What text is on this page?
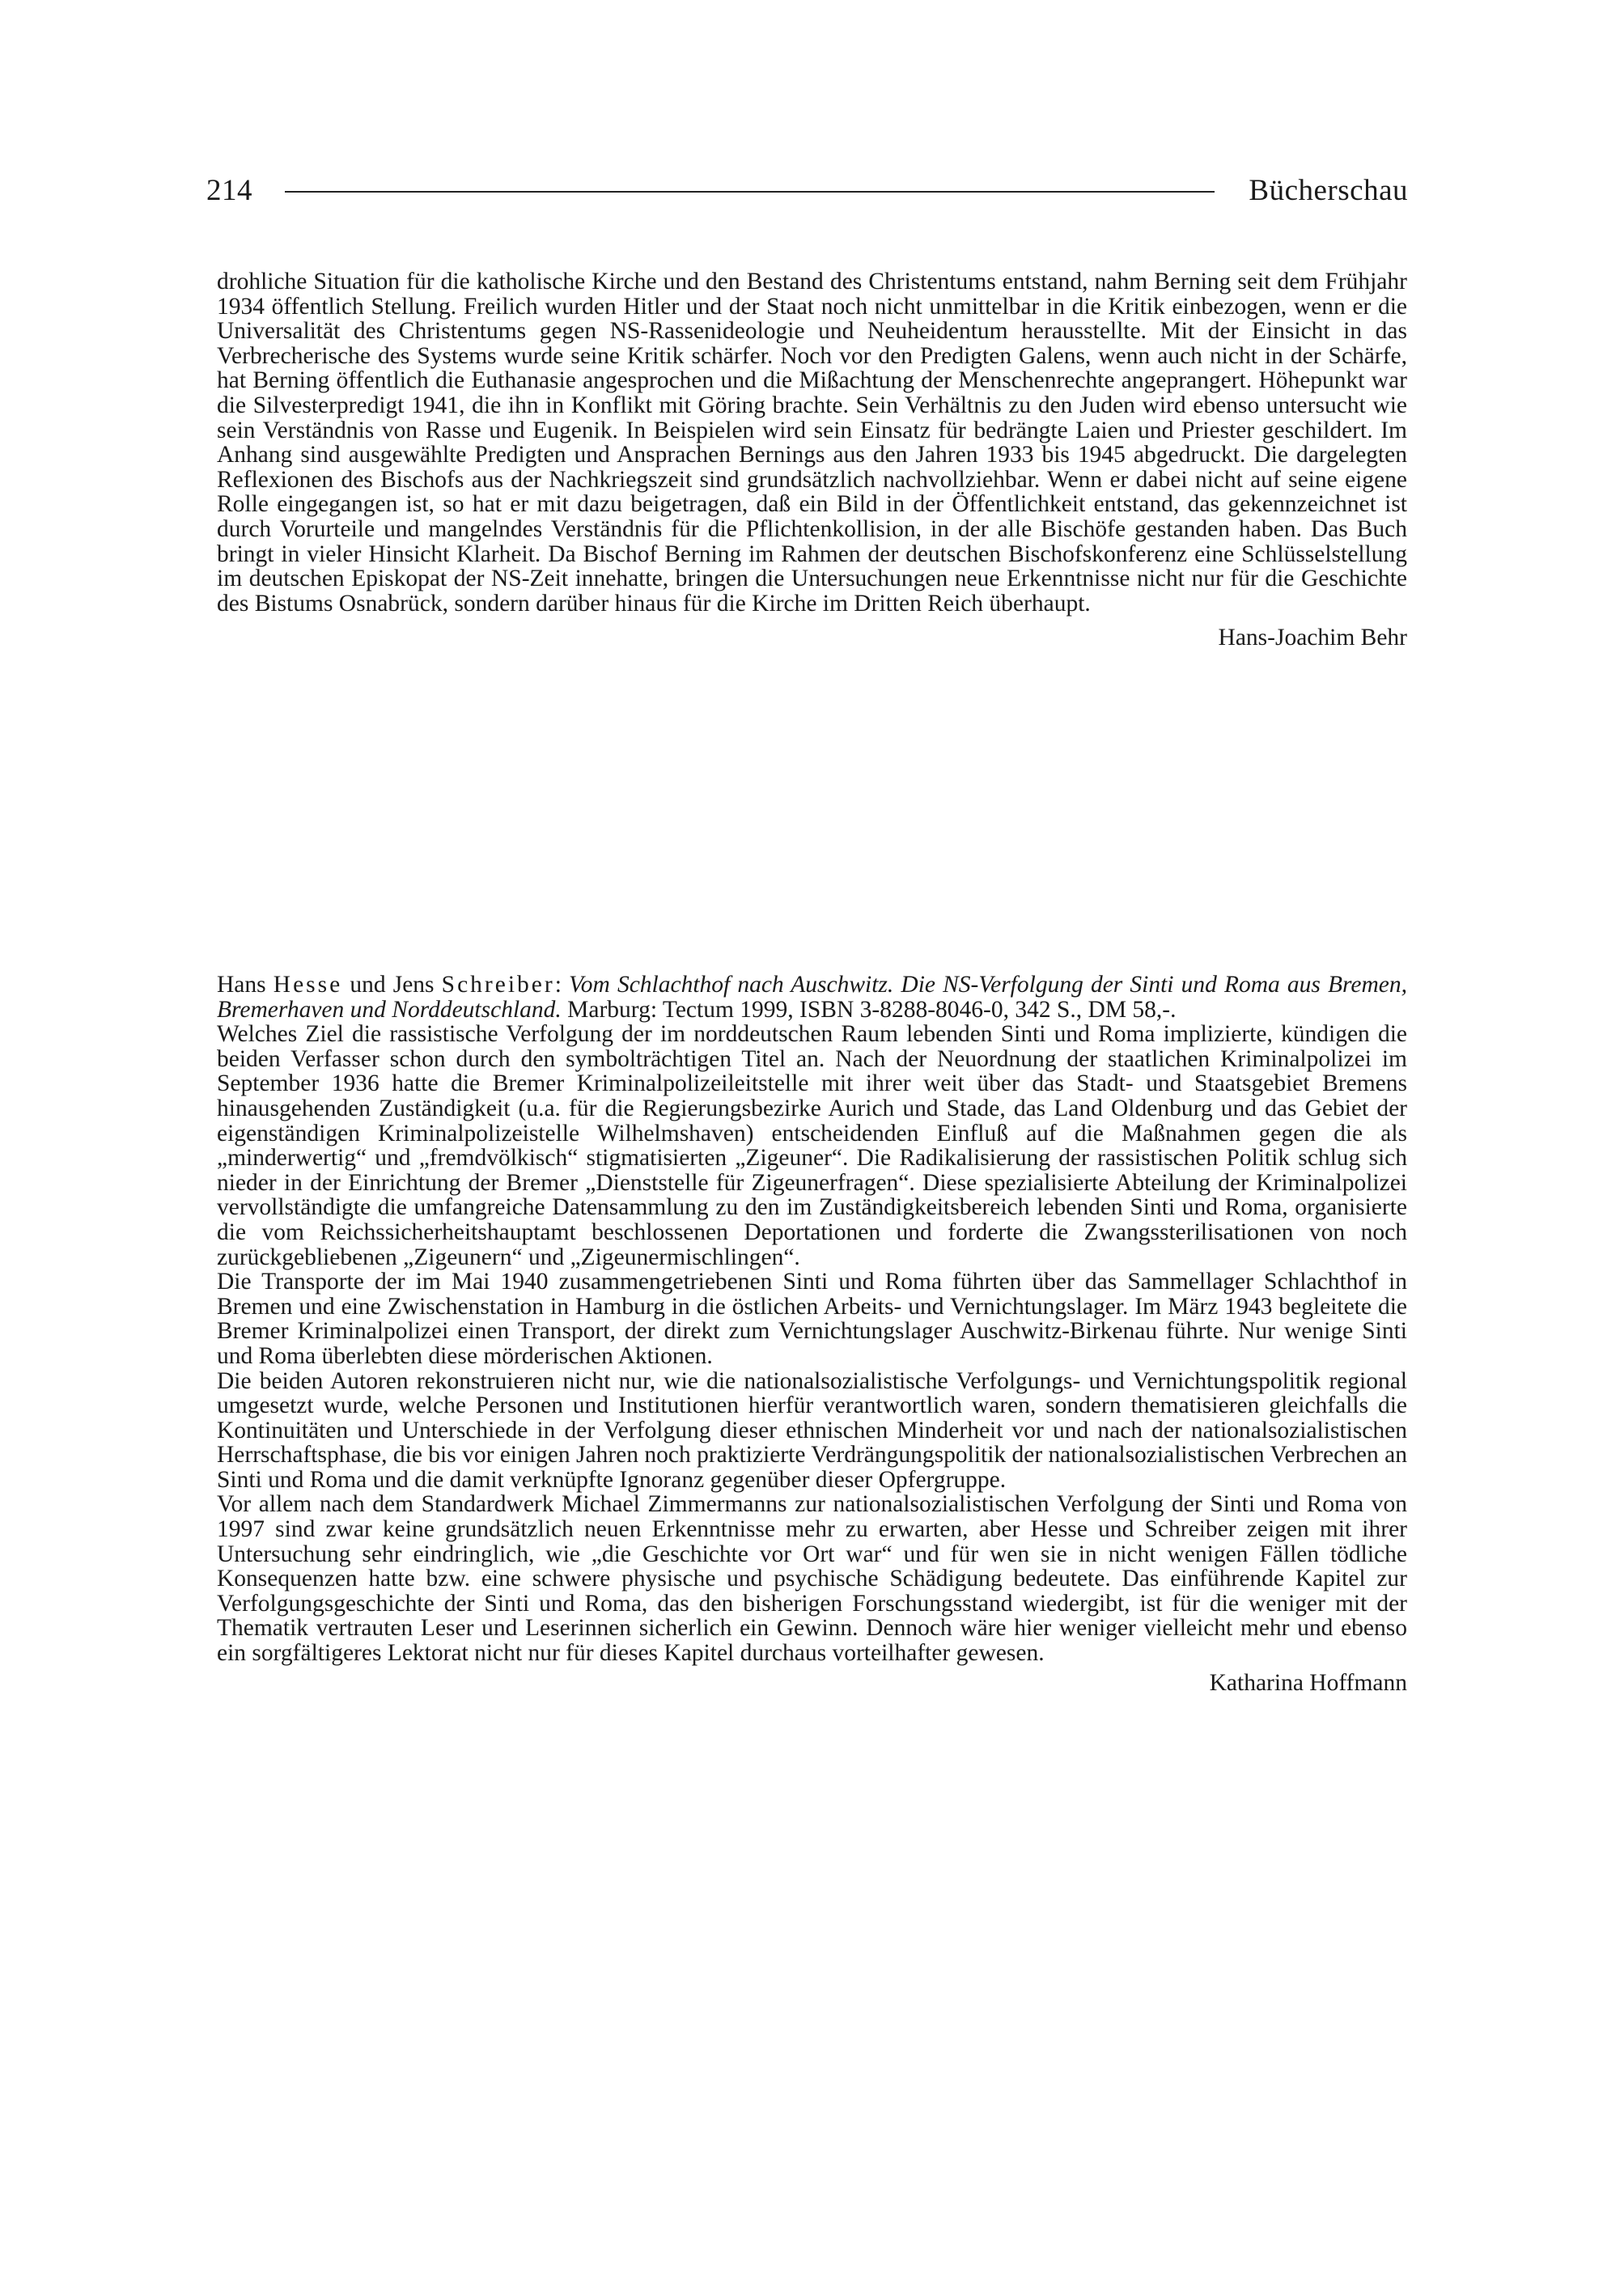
214	Bücherschau

drohliche Situation für die katholische Kirche und den Bestand des Christentums entstand, nahm Berning seit dem Frühjahr 1934 öffentlich Stellung. Freilich wurden Hitler und der Staat noch nicht unmittelbar in die Kritik einbezogen, wenn er die Universalität des Christentums gegen NS-Rassenideologie und Neuheidentum herausstellte. Mit der Einsicht in das Verbrecherische des Systems wurde seine Kritik schärfer. Noch vor den Predigten Galens, wenn auch nicht in der Schärfe, hat Berning öffentlich die Euthanasie angesprochen und die Mißachtung der Menschenrechte angeprangert. Höhepunkt war die Silvesterpredigt 1941, die ihn in Konflikt mit Göring brachte. Sein Verhältnis zu den Juden wird ebenso untersucht wie sein Verständnis von Rasse und Eugenik. In Beispielen wird sein Einsatz für bedrängte Laien und Priester geschildert. Im Anhang sind ausgewählte Predigten und Ansprachen Bernings aus den Jahren 1933 bis 1945 abgedruckt. Die dargelegten Reflexionen des Bischofs aus der Nachkriegszeit sind grundsätzlich nachvollziehbar. Wenn er dabei nicht auf seine eigene Rolle eingegangen ist, so hat er mit dazu beigetragen, daß ein Bild in der Öffentlichkeit entstand, das gekennzeichnet ist durch Vorurteile und mangelndes Verständnis für die Pflichtenkollision, in der alle Bischöfe gestanden haben. Das Buch bringt in vieler Hinsicht Klarheit. Da Bischof Berning im Rahmen der deutschen Bischofskonferenz eine Schlüsselstellung im deutschen Episkopat der NS-Zeit innehatte, bringen die Untersuchungen neue Erkenntnisse nicht nur für die Geschichte des Bistums Osnabrück, sondern darüber hinaus für die Kirche im Dritten Reich überhaupt.

Hans-Joachim Behr

Hans Hesse und Jens Schreiber: Vom Schlachthof nach Auschwitz. Die NS-Verfolgung der Sinti und Roma aus Bremen, Bremerhaven und Norddeutschland. Marburg: Tectum 1999, ISBN 3-8288-8046-0, 342 S., DM 58,-.

Welches Ziel die rassistische Verfolgung der im norddeutschen Raum lebenden Sinti und Roma implizierte, kündigen die beiden Verfasser schon durch den symbolträchtigen Titel an. Nach der Neuordnung der staatlichen Kriminalpolizei im September 1936 hatte die Bremer Kriminalpolizeileitstelle mit ihrer weit über das Stadt- und Staatsgebiet Bremens hinausgehenden Zuständigkeit (u.a. für die Regierungsbezirke Aurich und Stade, das Land Oldenburg und das Gebiet der eigenständigen Kriminalpolizeistelle Wilhelmshaven) entscheidenden Einfluß auf die Maßnahmen gegen die als „minderwertig“ und „fremdvölkisch“ stigmatisierten „Zigeuner“. Die Radikalisierung der rassistischen Politik schlug sich nieder in der Einrichtung der Bremer „Dienststelle für Zigeunerfragen“. Diese spezialisierte Abteilung der Kriminalpolizei vervollständigte die umfangreiche Datensammlung zu den im Zuständigkeitsbereich lebenden Sinti und Roma, organisierte die vom Reichssicherheitshauptamt beschlossenen Deportationen und forderte die Zwangssterilisationen von noch zurückgebliebenen „Zigeunern“ und „Zigeunermischlingen“.

Die Transporte der im Mai 1940 zusammengetriebenen Sinti und Roma führten über das Sammellager Schlachthof in Bremen und eine Zwischenstation in Hamburg in die östlichen Arbeits- und Vernichtungslager. Im März 1943 begleitete die Bremer Kriminalpolizei einen Transport, der direkt zum Vernichtungslager Auschwitz-Birkenau führte. Nur wenige Sinti und Roma überlebten diese mörderischen Aktionen.

Die beiden Autoren rekonstruieren nicht nur, wie die nationalsozialistische Verfolgungs- und Vernichtungspolitik regional umgesetzt wurde, welche Personen und Institutionen hierfür verantwortlich waren, sondern thematisieren gleichfalls die Kontinuitäten und Unterschiede in der Verfolgung dieser ethnischen Minderheit vor und nach der nationalsozialistischen Herrschaftsphase, die bis vor einigen Jahren noch praktizierte Verdrängungspolitik der nationalsozialistischen Verbrechen an Sinti und Roma und die damit verknüpfte Ignoranz gegenüber dieser Opfergruppe.

Vor allem nach dem Standardwerk Michael Zimmermanns zur nationalsozialistischen Verfolgung der Sinti und Roma von 1997 sind zwar keine grundsätzlich neuen Erkenntnisse mehr zu erwarten, aber Hesse und Schreiber zeigen mit ihrer Untersuchung sehr eindringlich, wie „die Geschichte vor Ort war“ und für wen sie in nicht wenigen Fällen tödliche Konsequenzen hatte bzw. eine schwere physische und psychische Schädigung bedeutete. Das einführende Kapitel zur Verfolgungsgeschichte der Sinti und Roma, das den bisherigen Forschungsstand wiedergibt, ist für die weniger mit der Thematik vertrauten Leser und Leserinnen sicherlich ein Gewinn. Dennoch wäre hier weniger vielleicht mehr und ebenso ein sorgfältigeres Lektorat nicht nur für dieses Kapitel durchaus vorteilhafter gewesen.

Katharina Hoffmann
